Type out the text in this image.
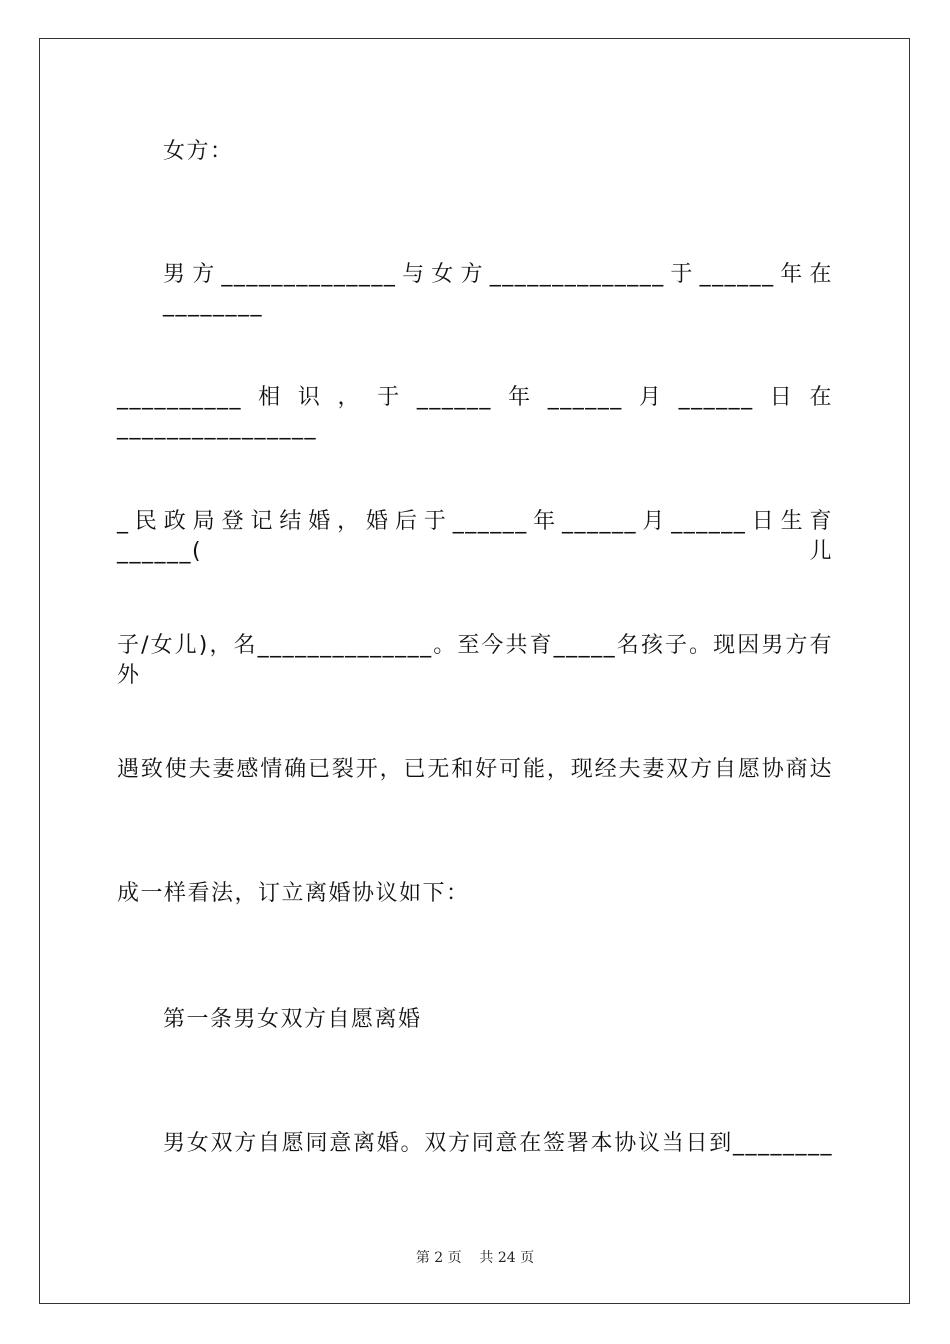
女方：
男方______________与女方______________于______年在________
__________相识，于______年______月______日在________________
_民政局登记结婚，婚后于______年______月______日生育______(儿
子/女儿)，名______________。至今共育_____名孩子。现因男方有外
遇致使夫妻感情确已裂开，已无和好可能，现经夫妻双方自愿协商达
成一样看法，订立离婚协议如下：
第一条男女双方自愿离婚
男女双方自愿同意离婚。双方同意在签署本协议当日到________
第 2 页    共 24 页
